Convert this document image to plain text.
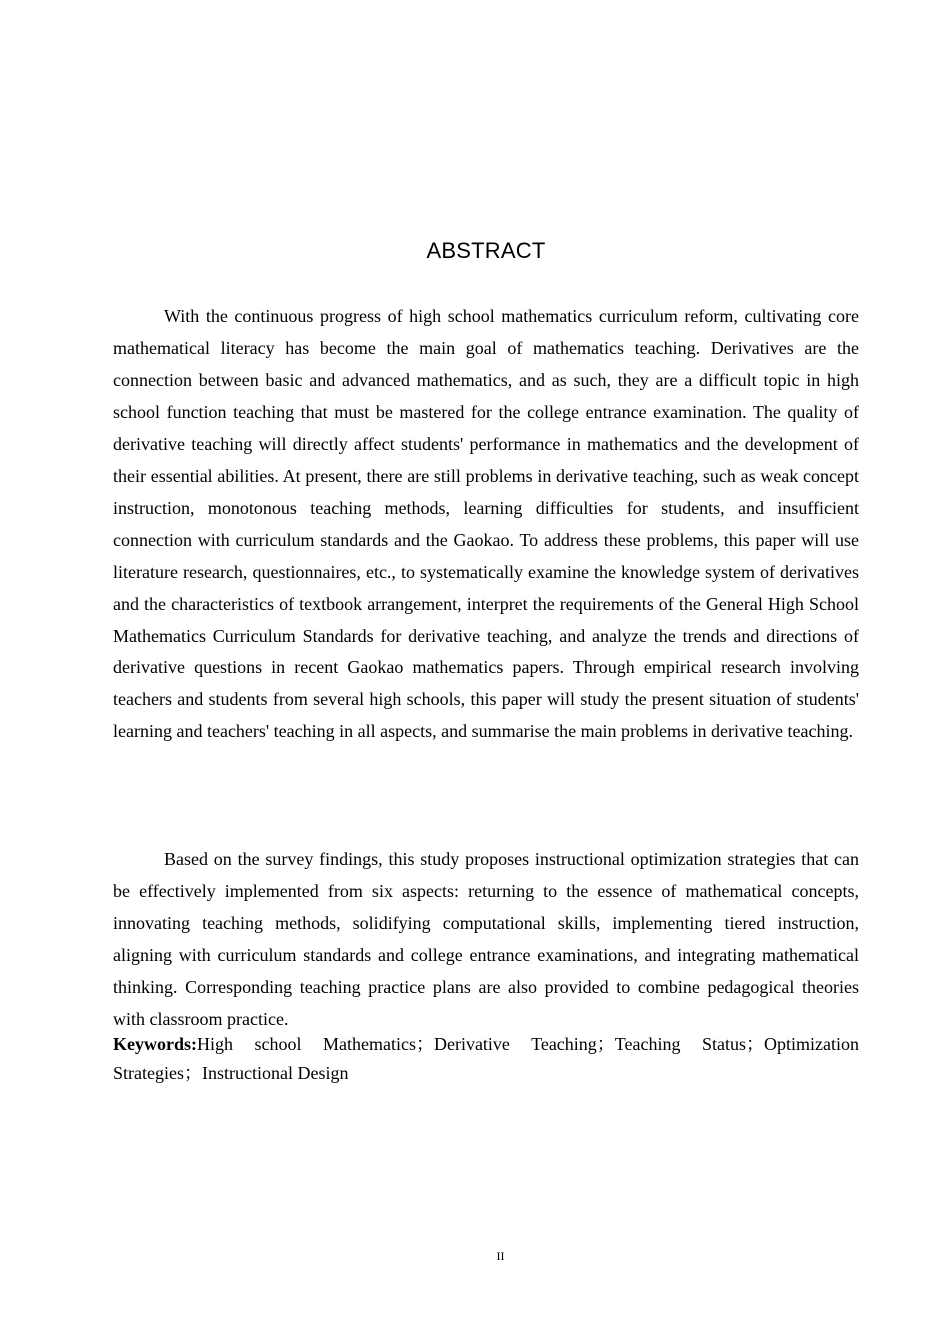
ABSTRACT

With the continuous progress of high school mathematics curriculum reform, cultivating core mathematical literacy has become the main goal of mathematics teaching. Derivatives are the connection between basic and advanced mathematics, and as such, they are a difficult topic in high school function teaching that must be mastered for the college entrance examination. The quality of derivative teaching will directly affect students' performance in mathematics and the development of their essential abilities. At present, there are still problems in derivative teaching, such as weak concept instruction, monotonous teaching methods, learning difficulties for students, and insufficient connection with curriculum standards and the Gaokao. To address these problems, this paper will use literature research, questionnaires, etc., to systematically examine the knowledge system of derivatives and the characteristics of textbook arrangement, interpret the requirements of the General High School Mathematics Curriculum Standards for derivative teaching, and analyze the trends and directions of derivative questions in recent Gaokao mathematics papers. Through empirical research involving teachers and students from several high schools, this paper will study the present situation of students' learning and teachers' teaching in all aspects, and summarise the main problems in derivative teaching.

Based on the survey findings, this study proposes instructional optimization strategies that can be effectively implemented from six aspects: returning to the essence of mathematical concepts, innovating teaching methods, solidifying computational skills, implementing tiered instruction, aligning with curriculum standards and college entrance examinations, and integrating mathematical thinking. Corresponding teaching practice plans are also provided to combine pedagogical theories with classroom practice.

Keywords:High school Mathematics；Derivative Teaching；Teaching Status；Optimization Strategies；Instructional Design

II
